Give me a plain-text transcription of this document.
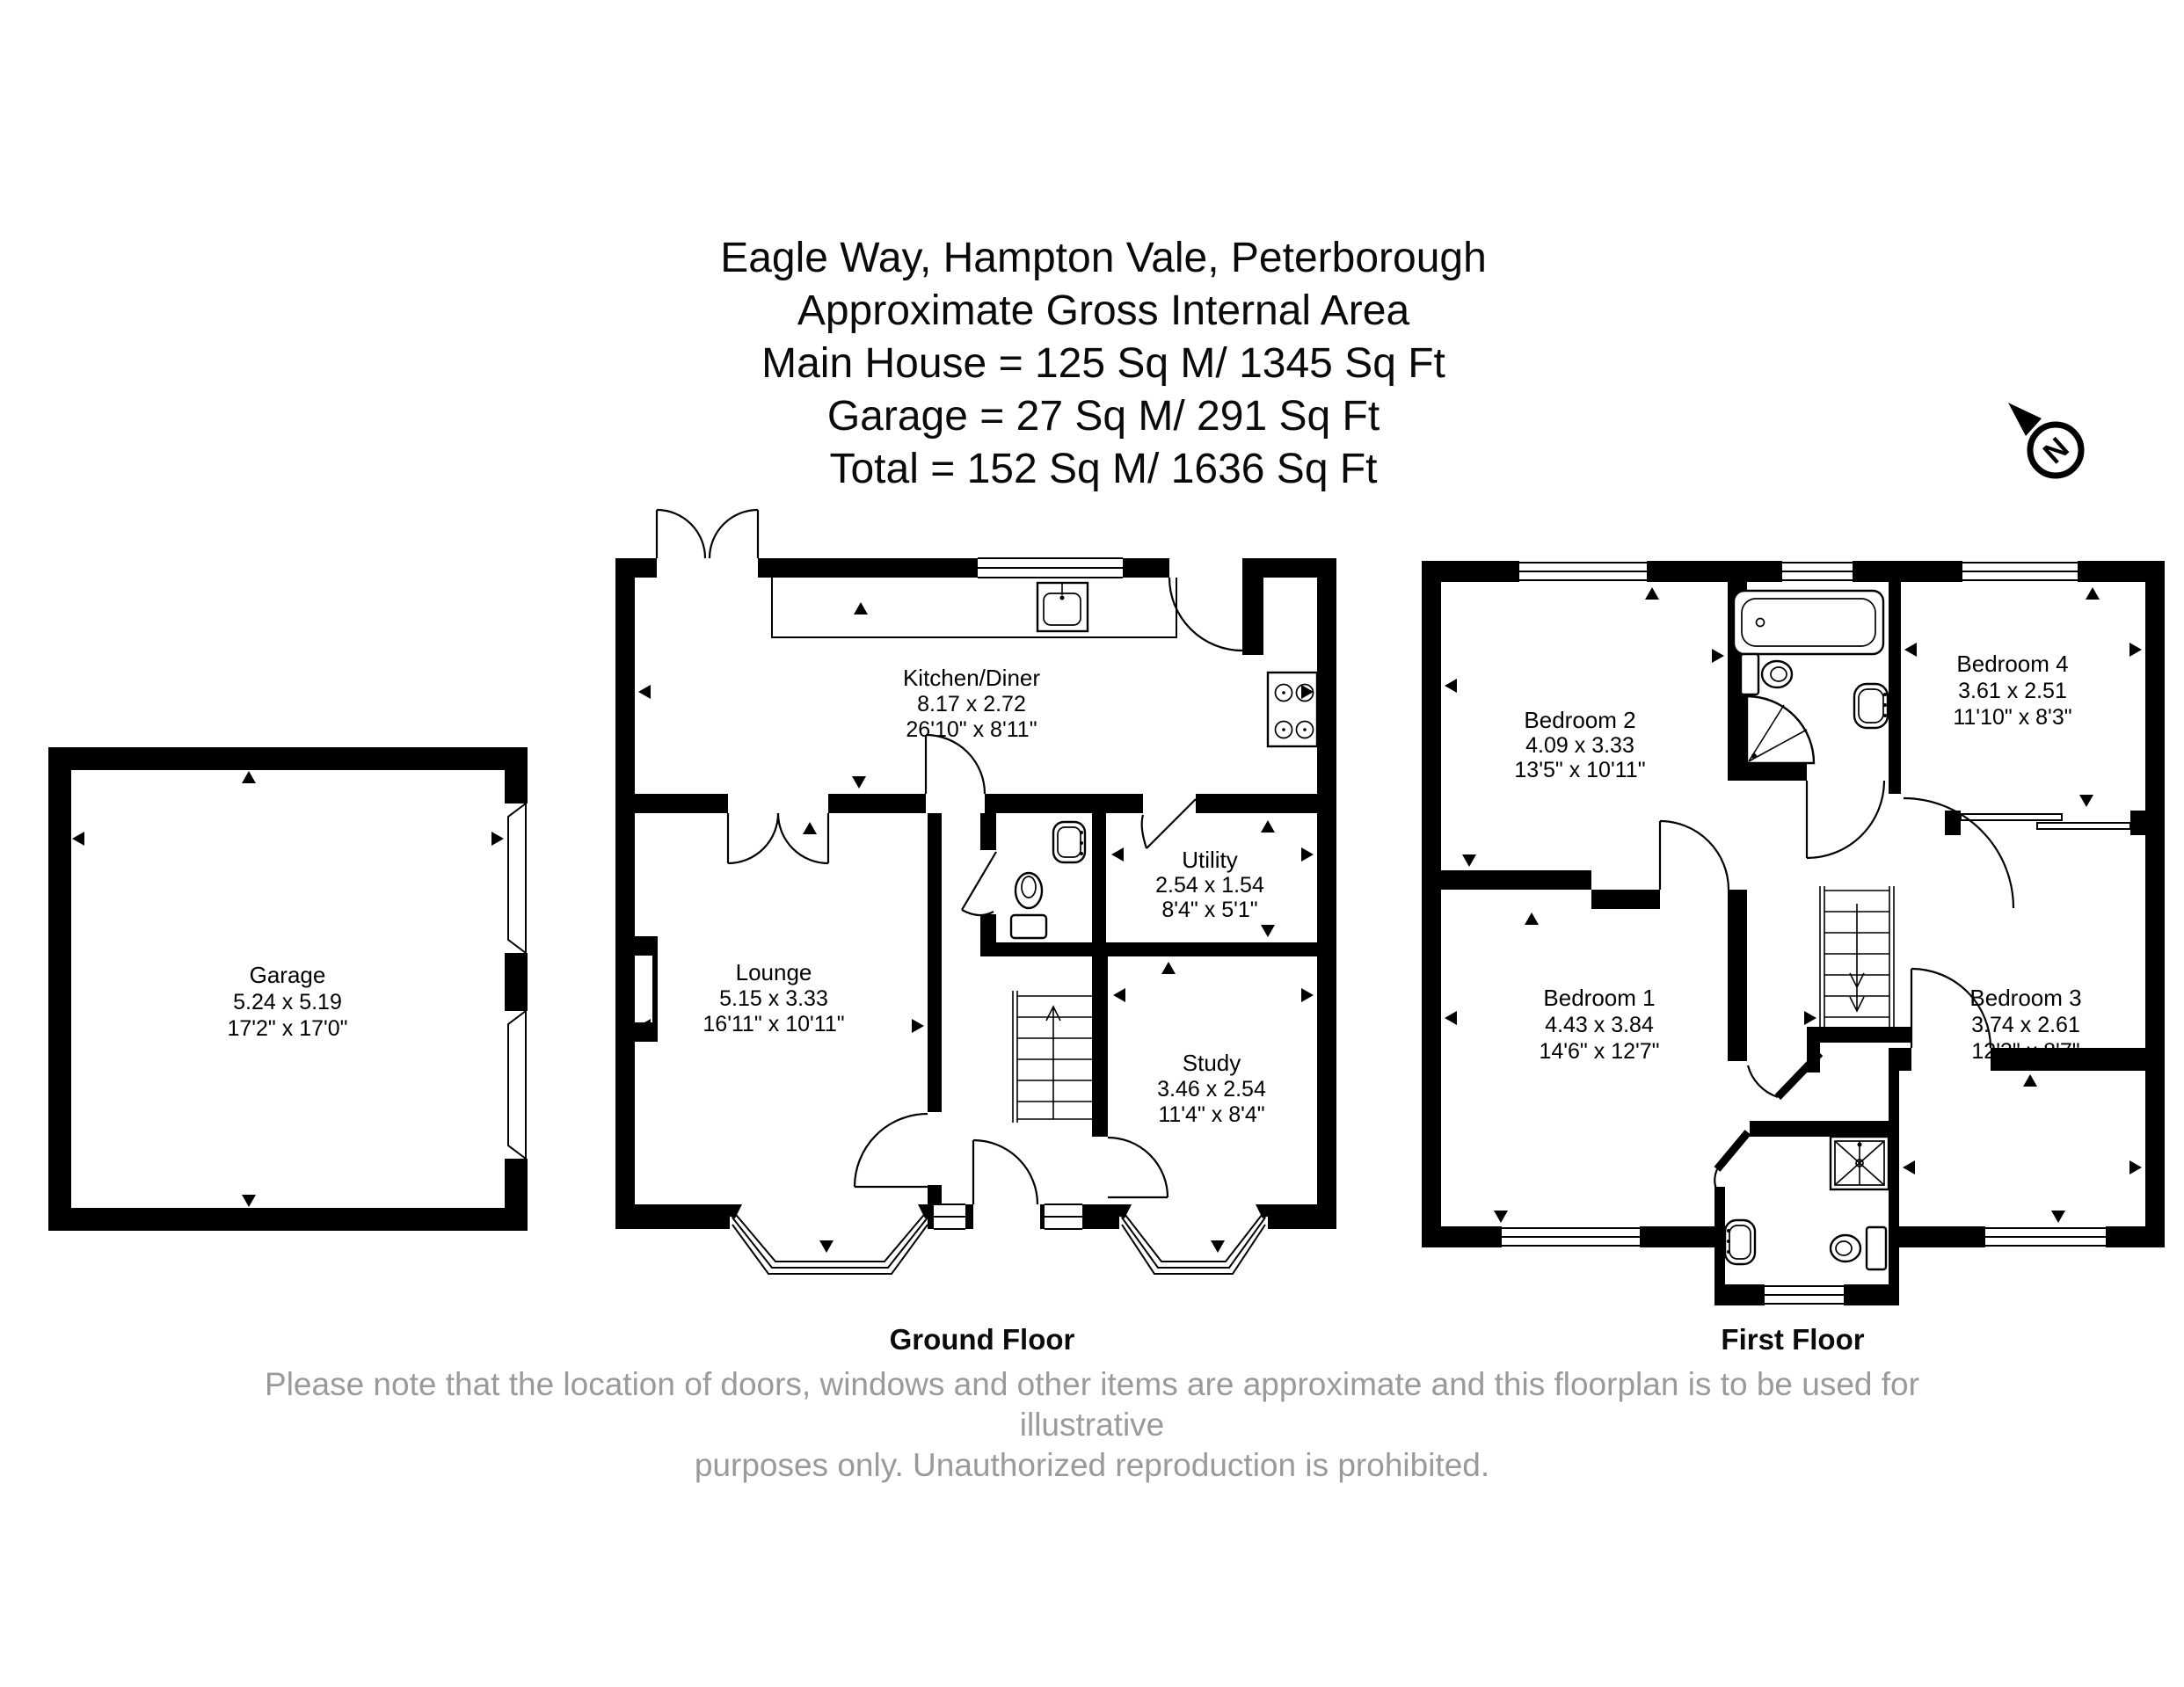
Eagle Way, Hampton Vale, Peterborough
Approximate Gross Internal Area
Main House = 125 Sq M/ 1345 Sq Ft
Garage = 27 Sq M/ 291 Sq Ft
Total = 152 Sq M/ 1636 Sq Ft	N
Garage
5.24 x 5.19
17'2" x 17'0"
Kitchen/Diner
8.17 x 2.72
26'10" x 8'11"
Lounge
5.15 x 3.33
16'11" x 10'11"
Utility
2.54 x 1.54
8'4" x 5'1"
Study
3.46 x 2.54
11'4" x 8'4"
Bedroom 2
4.09 x 3.33
13'5" x 10'11"
Bedroom 4
3.61 x 2.51
11'10" x 8'3"
Bedroom 1
4.43 x 3.84
14'6" x 12'7"
Bedroom 3
3.74 x 2.61
12'3" x 8'7"
Ground Floor	First Floor
Please note that the location of doors, windows and other items are approximate and this floorplan is to be used for illustrative
purposes only. Unauthorized reproduction is prohibited.
